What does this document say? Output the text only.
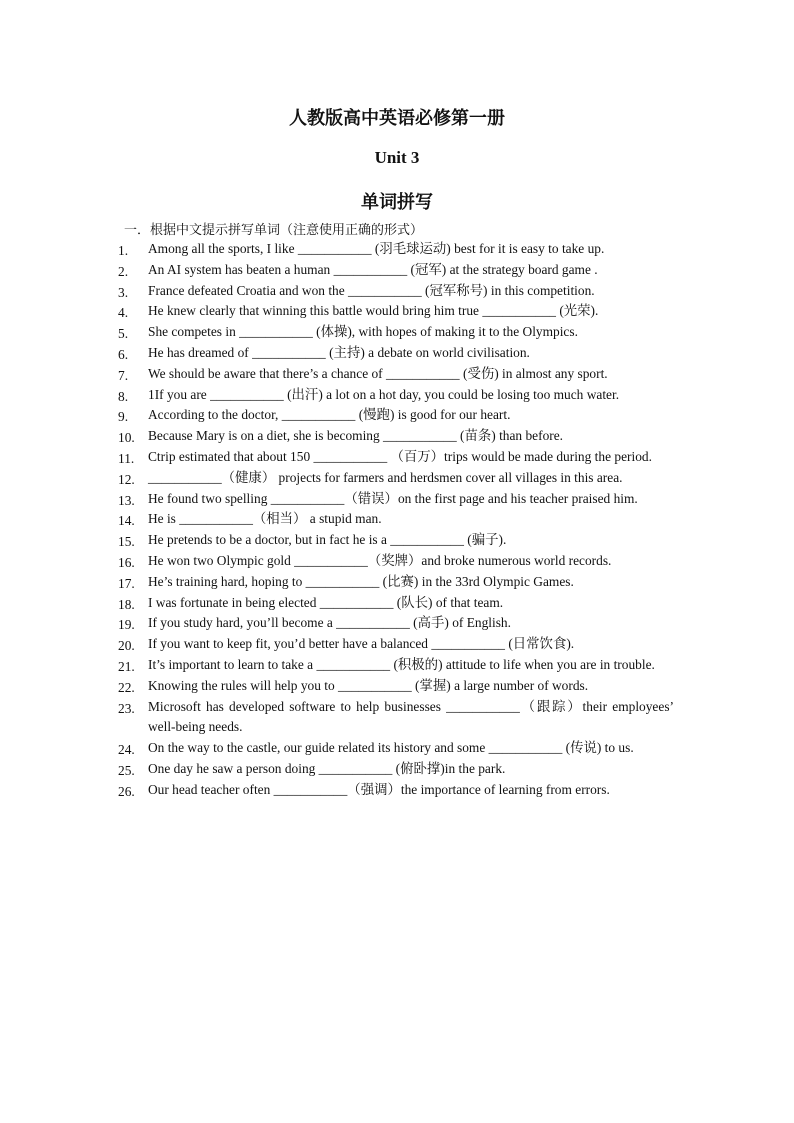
人教版高中英语必修第一册
Unit 3
单词拼写
一．根据中文提示拼写单词（注意使用正确的形式）
1. Among all the sports, I like ___________ (羽毛球运动) best for it is easy to take up.
2. An AI system has beaten a human ___________ (冠军) at the strategy board game .
3. France defeated Croatia and won the ___________ (冠军称号) in this competition.
4. He knew clearly that winning this battle would bring him true ___________ (光荣).
5. She competes in ___________ (体操), with hopes of making it to the Olympics.
6. He has dreamed of ___________ (主持) a debate on world civilisation.
7. We should be aware that there’s a chance of ___________ (受伤) in almost any sport.
8. 1If you are ___________ (出汗) a lot on a hot day, you could be losing too much water.
9. According to the doctor, ___________ (慢跑) is good for our heart.
10. Because Mary is on a diet, she is becoming ___________ (苗条) than before.
11. Ctrip estimated that about 150 ___________ （百万）trips would be made during the period.
12. ___________（健康） projects for farmers and herdsmen cover all villages in this area.
13. He found two spelling ___________（错误）on the first page and his teacher praised him.
14. He is ___________（相当） a stupid man.
15. He pretends to be a doctor, but in fact he is a ___________ (骗子).
16. He won two Olympic gold ___________（奖牌）and broke numerous world records.
17. He’s training hard, hoping to ___________ (比赛) in the 33rd Olympic Games.
18. I was fortunate in being elected ___________ (队长) of that team.
19. If you study hard, you’ll become a ___________ (高手) of English.
20. If you want to keep fit, you’d better have a balanced ___________ (日常饮食).
21. It’s important to learn to take a ___________ (积极的) attitude to life when you are in trouble.
22. Knowing the rules will help you to ___________ (掌握) a large number of words.
23. Microsoft has developed software to help businesses ___________（跟踪）their employees’ well-being needs.
24. On the way to the castle, our guide related its history and some ___________ (传说) to us.
25. One day he saw a person doing ___________ (俯卧撑)in the park.
26. Our head teacher often ___________（强调）the importance of learning from errors.
